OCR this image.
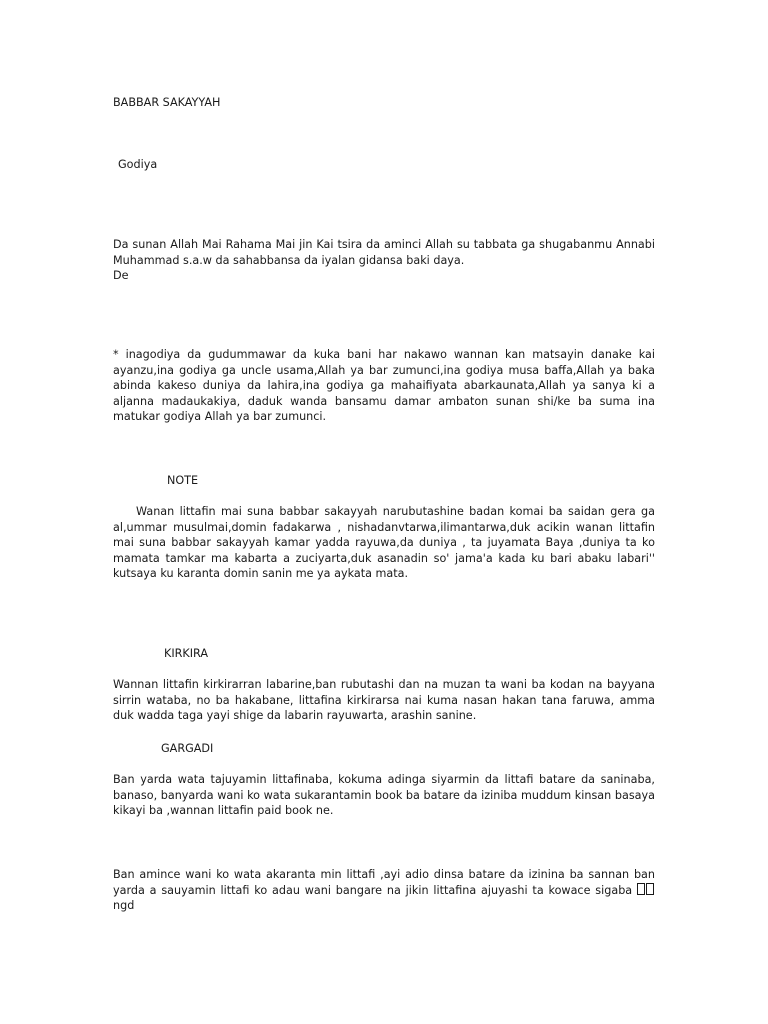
BABBAR SAKAYYAH

Godiya

Da sunan Allah Mai Rahama Mai jin Kai tsira da aminci Allah su tabbata ga shugabanmu Annabi Muhammad s.a.w da sahabbansa da iyalan gidansa baki daya.

De

* inagodiya da gudummawar da kuka bani har nakawo wannan kan matsayin danake kai ayanzu,ina godiya ga uncle usama,Allah ya bar zumunci,ina godiya musa baffa,Allah ya baka abinda kakeso duniya da lahira,ina godiya ga mahaifiyata abarkaunata,Allah ya sanya ki a aljanna madaukakiya, daduk wanda bansamu damar ambaton sunan shi/ke ba suma ina matukar godiya Allah ya bar zumunci.

NOTE

Wanan littafin mai suna babbar sakayyah narubutashine badan komai ba saidan gera ga al,ummar musulmai,domin fadakarwa , nishadanvtarwa,ilimantarwa,duk acikin wanan littafin mai suna babbar sakayyah kamar yadda rayuwa,da duniya , ta juyamata Baya ,duniya ta ko mamata tamkar ma kabarta a zuciyarta,duk asanadin so' jama'a kada ku bari abaku labari'' kutsaya ku karanta domin sanin me ya aykata mata.

KIRKIRA

Wannan littafin kirkirarran labarine,ban rubutashi dan na muzan ta wani ba kodan na bayyana sirrin wataba, no ba hakabane, littafina kirkirarsa nai kuma nasan hakan tana faruwa, amma duk wadda taga yayi shige da labarin rayuwarta, arashin sanine.

GARGADI

Ban yarda wata tajuyamin littafinaba, kokuma adinga siyarmin da littafi batare da saninaba, banaso, banyarda wani ko wata sukarantamin book ba batare da iziniba muddum kinsan basaya kikayi ba ,wannan littafin paid book ne.

Ban amince wani ko wata akaranta min littafi ,ayi adio dinsa batare da izinina ba sannan ban yarda a sauyamin littafi ko adau wani bangare na jikin littafina ajuyashi ta kowace sigaba  ngd
